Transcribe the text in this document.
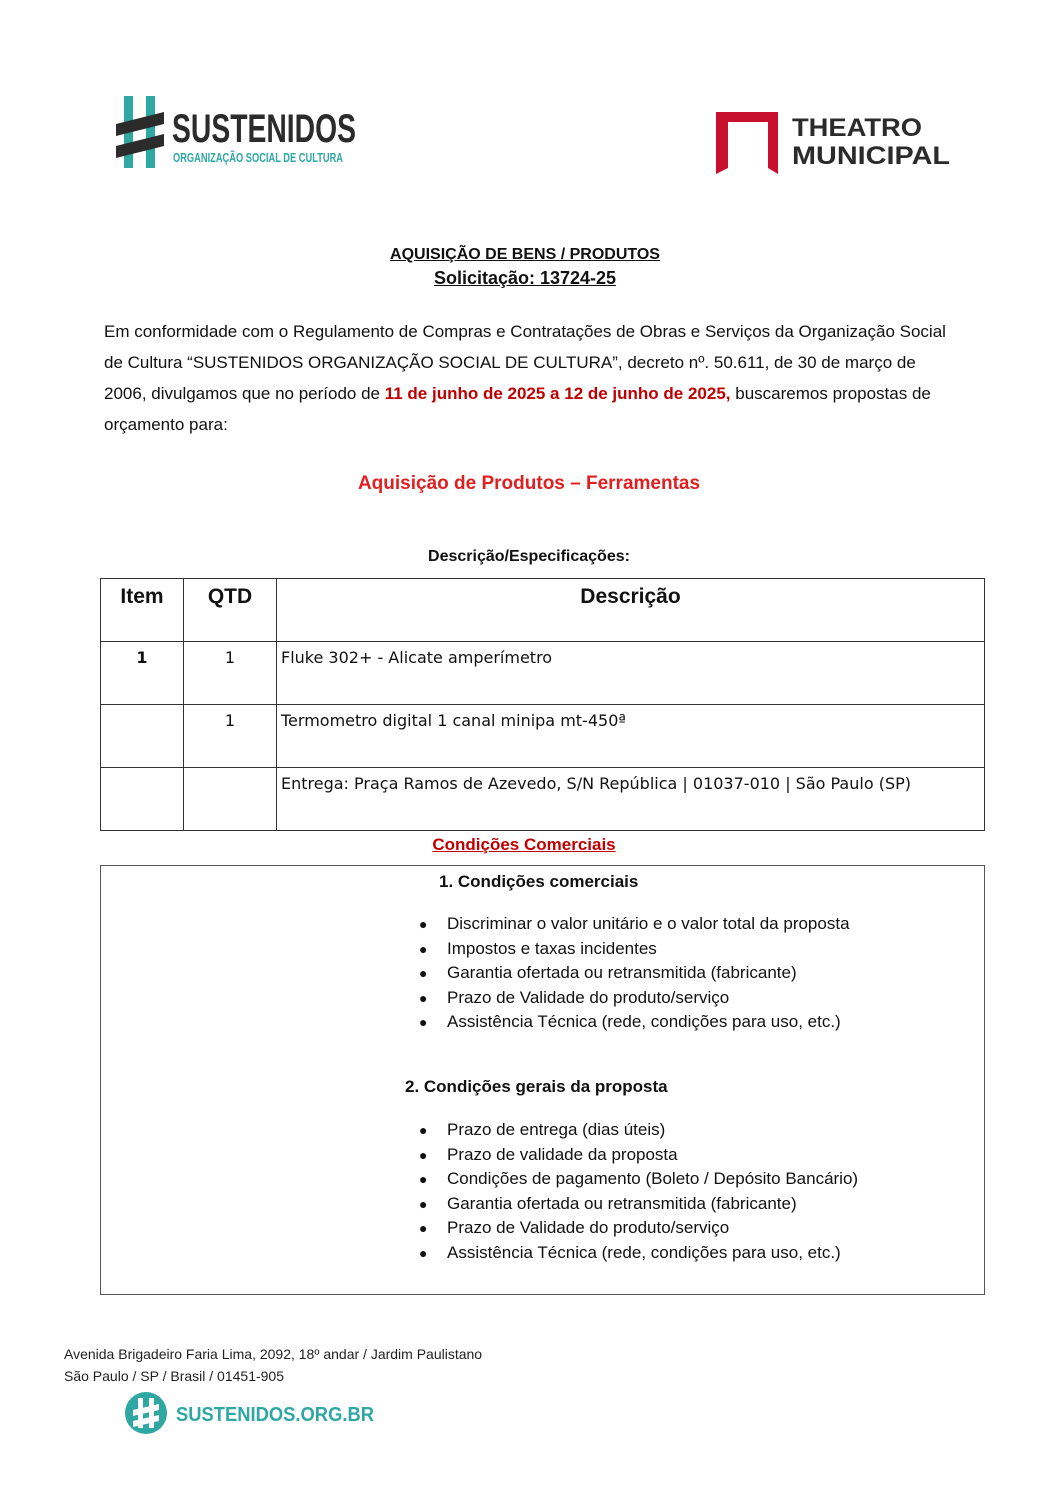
SUSTENIDOS
ORGANIZAÇÃO SOCIAL DE CULTURA
THEATRO
MUNICIPAL
AQUISIÇÃO DE BENS / PRODUTOS
Solicitação: 13724-25
Em conformidade com o Regulamento de Compras e Contratações de Obras e Serviços da Organização Social de Cultura “SUSTENIDOS ORGANIZAÇÃO SOCIAL DE CULTURA”, decreto nº. 50.611, de 30 de março de 2006, divulgamos que no período de 11 de junho de 2025 a 12 de junho de 2025, buscaremos propostas de orçamento para:
Aquisição de Produtos – Ferramentas
Descrição/Especificações:
Item	QTD	Descrição
1	1	Fluke 302+ - Alicate amperímetro
	1	Termometro digital 1 canal minipa mt-450ª
		Entrega: Praça Ramos de Azevedo, S/N República | 01037-010 | São Paulo (SP)
Condições Comerciais
1. Condições comerciais
● Discriminar o valor unitário e o valor total da proposta
● Impostos e taxas incidentes
● Garantia ofertada ou retransmitida (fabricante)
● Prazo de Validade do produto/serviço
● Assistência Técnica (rede, condições para uso, etc.)
2. Condições gerais da proposta
● Prazo de entrega (dias úteis)
● Prazo de validade da proposta
● Condições de pagamento (Boleto / Depósito Bancário)
● Garantia ofertada ou retransmitida (fabricante)
● Prazo de Validade do produto/serviço
● Assistência Técnica (rede, condições para uso, etc.)
Avenida Brigadeiro Faria Lima, 2092, 18º andar / Jardim Paulistano
São Paulo / SP / Brasil / 01451-905
SUSTENIDOS.ORG.BR
